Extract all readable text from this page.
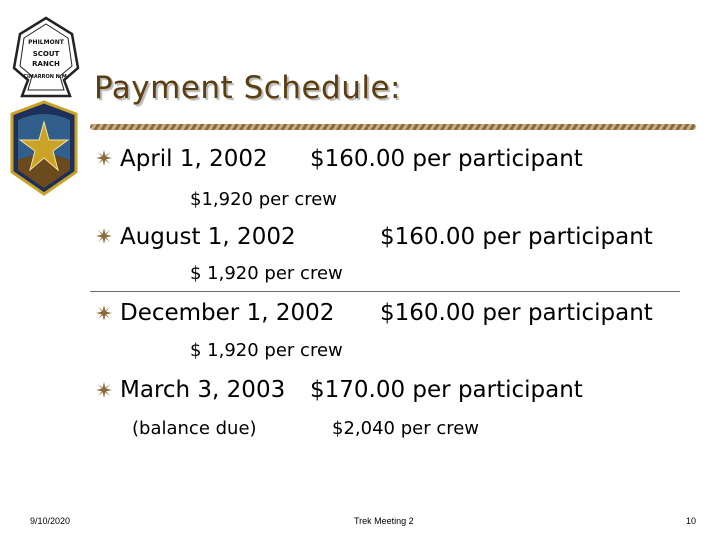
PHILMONT
SCOUT
RANCH
CIMARRON N.M. Payment Schedule:
April 1, 2002 $160.00 per participant
$1,920 per crew
August 1, 2002	$160.00 per participant
$ 1,920 per crew
December 1, 2002 $160.00 per participant
$ 1,920 per crew
March 3, 2003 $170.00 per participant
(balance due)	$2,040 per crew
9/10/2020	Trek Meeting 2	10
